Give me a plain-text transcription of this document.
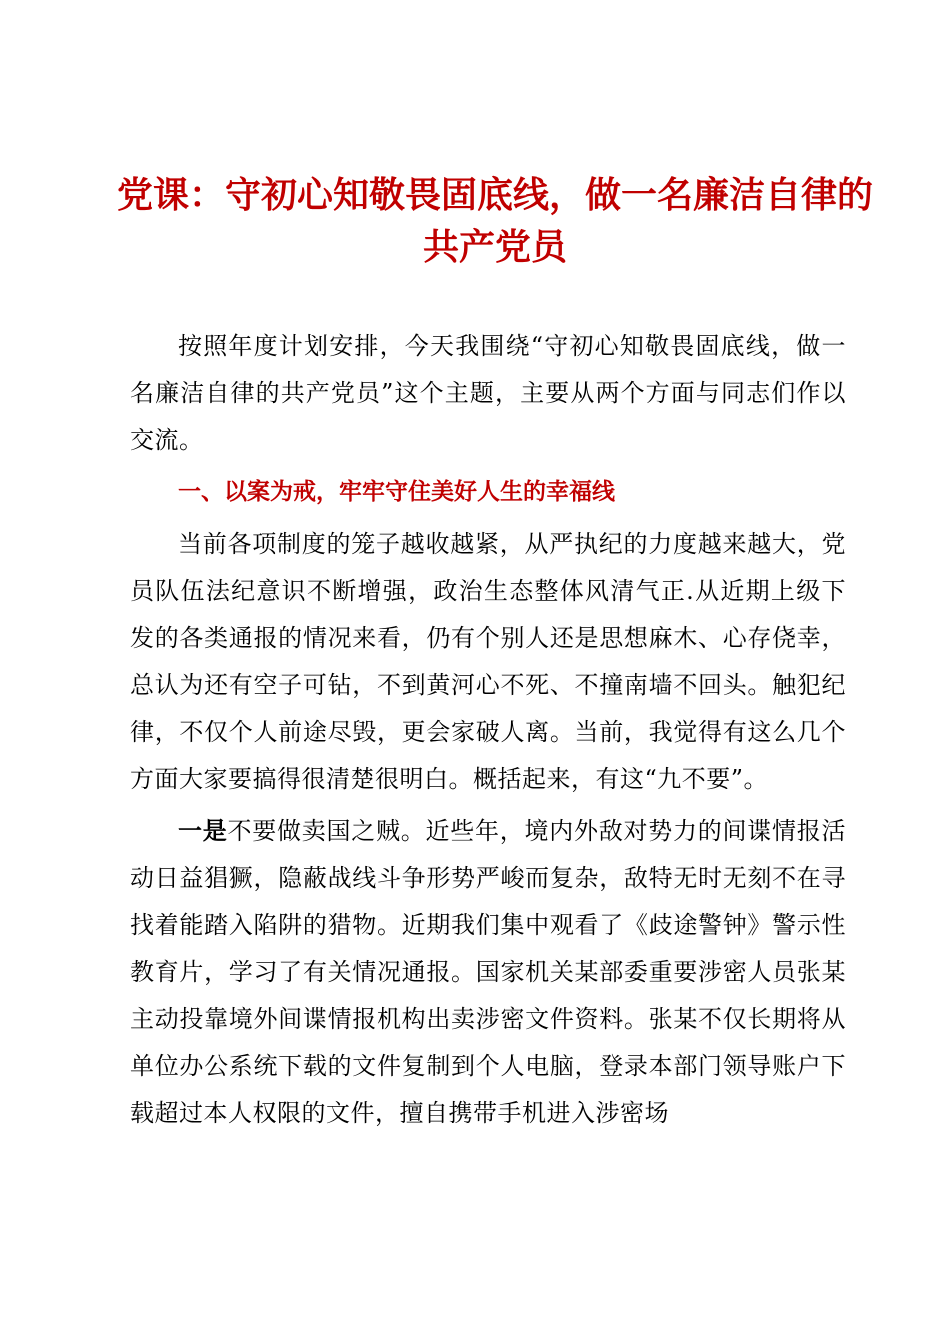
党课：守初心知敬畏固底线，做一名廉洁自律的
共产党员

按照年度计划安排，今天我围绕“守初心知敬畏固底线，做一名廉洁自律的共产党员”这个主题，主要从两个方面与同志们作以交流。

一、以案为戒，牢牢守住美好人生的幸福线

当前各项制度的笼子越收越紧，从严执纪的力度越来越大，党员队伍法纪意识不断增强，政治生态整体风清气正.从近期上级下发的各类通报的情况来看，仍有个别人还是思想麻木、心存侥幸，总认为还有空子可钻，不到黄河心不死、不撞南墙不回头。触犯纪律，不仅个人前途尽毁，更会家破人离。当前，我觉得有这么几个方面大家要搞得很清楚很明白。概括起来，有这“九不要”。

一是不要做卖国之贼。近些年，境内外敌对势力的间谍情报活动日益猖獗，隐蔽战线斗争形势严峻而复杂，敌特无时无刻不在寻找着能踏入陷阱的猎物。近期我们集中观看了《歧途警钟》警示性教育片，学习了有关情况通报。国家机关某部委重要涉密人员张某主动投靠境外间谍情报机构出卖涉密文件资料。张某不仅长期将从单位办公系统下载的文件复制到个人电脑，登录本部门领导账户下载超过本人权限的文件，擅自携带手机进入涉密场
